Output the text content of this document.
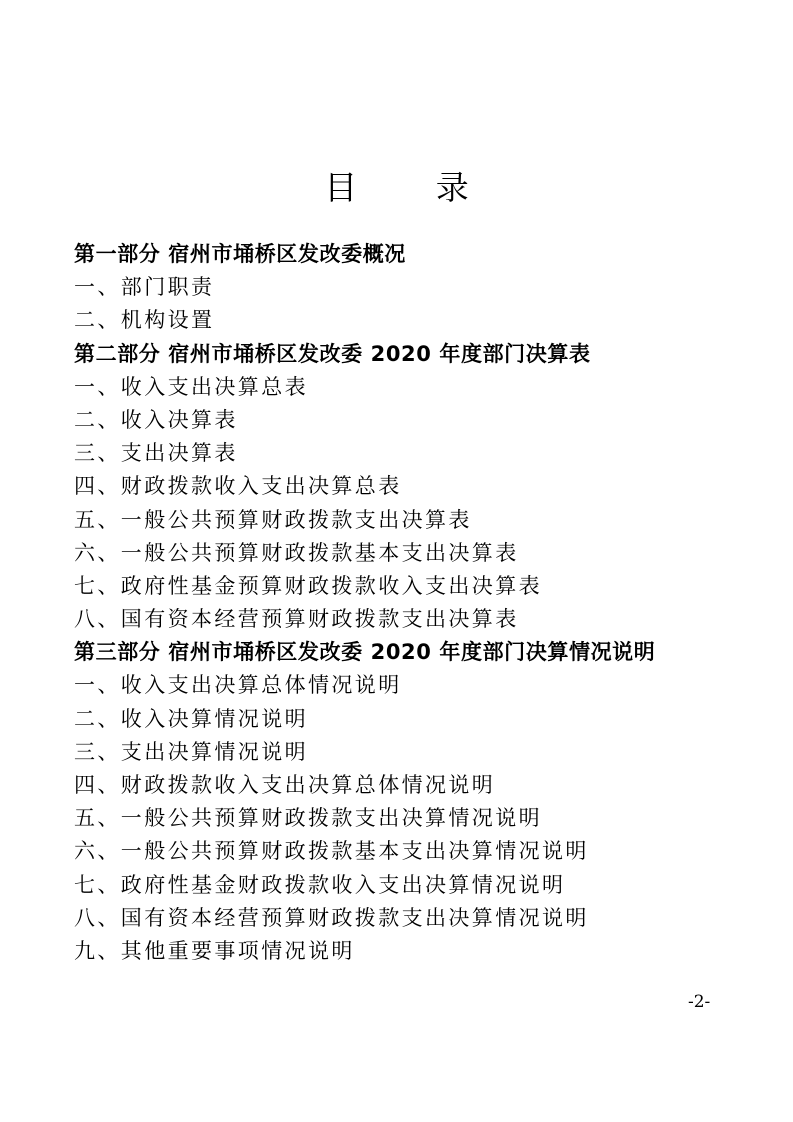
目 录
第一部分 宿州市埇桥区发改委概况
一、部门职责
二、机构设置
第二部分 宿州市埇桥区发改委 2020 年度部门决算表
一、收入支出决算总表
二、收入决算表
三、支出决算表
四、财政拨款收入支出决算总表
五、一般公共预算财政拨款支出决算表
六、一般公共预算财政拨款基本支出决算表
七、政府性基金预算财政拨款收入支出决算表
八、国有资本经营预算财政拨款支出决算表
第三部分 宿州市埇桥区发改委 2020 年度部门决算情况说明
一、收入支出决算总体情况说明
二、收入决算情况说明
三、支出决算情况说明
四、财政拨款收入支出决算总体情况说明
五、一般公共预算财政拨款支出决算情况说明
六、一般公共预算财政拨款基本支出决算情况说明
七、政府性基金财政拨款收入支出决算情况说明
八、国有资本经营预算财政拨款支出决算情况说明
九、其他重要事项情况说明
-2-
